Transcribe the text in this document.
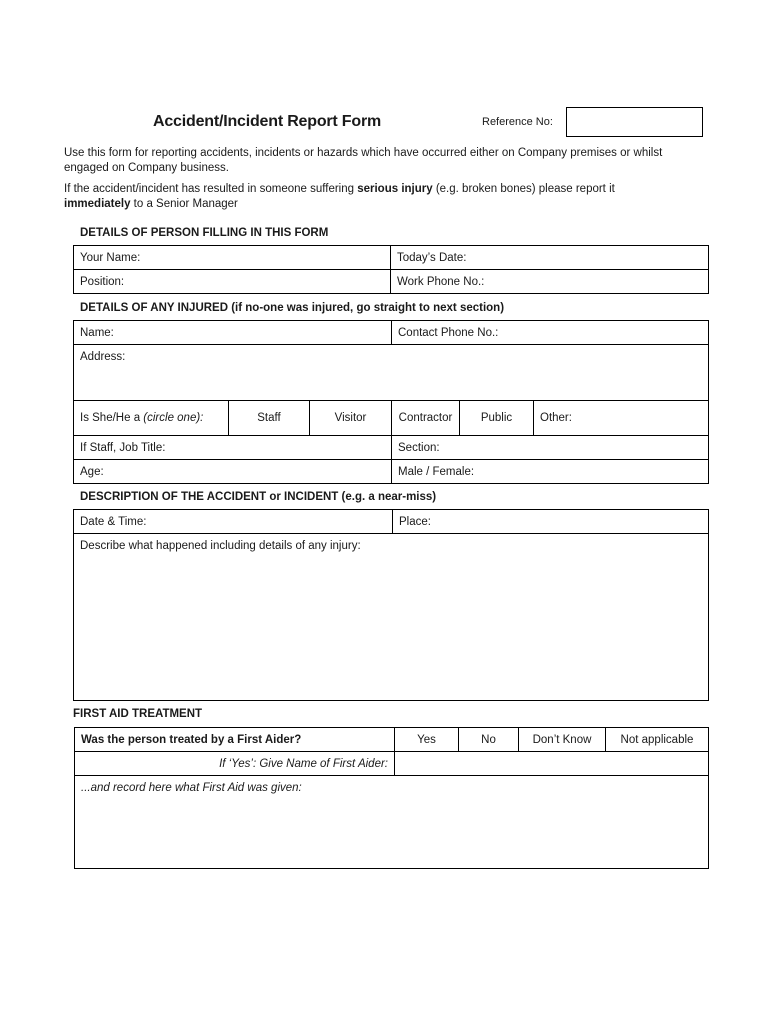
Accident/Incident Report Form	Reference No:
Use this form for reporting accidents, incidents or hazards which have occurred either on Company premises or whilst engaged on Company business.
If the accident/incident has resulted in someone suffering serious injury (e.g. broken bones) please report it immediately to a Senior Manager
DETAILS OF PERSON FILLING IN THIS FORM
Your Name:	Today’s Date:
Position:	Work Phone No.:
DETAILS OF ANY INJURED (if no-one was injured, go straight to next section)
Name:			Contact Phone No.:		
Address:					
Is She/He a (circle one):	Staff	Visitor	Contractor	Public	Other:
If Staff, Job Title:			Section:		
Age:			Male / Female:		
DESCRIPTION OF THE ACCIDENT or INCIDENT (e.g. a near-miss)
Date & Time:	Place:
Describe what happened including details of any injury:
FIRST AID TREATMENT
Was the person treated by a First Aider?	Yes	No	Don’t Know	Not applicable
If ‘Yes’: Give Name of First Aider:				
...and record here what First Aid was given:				
